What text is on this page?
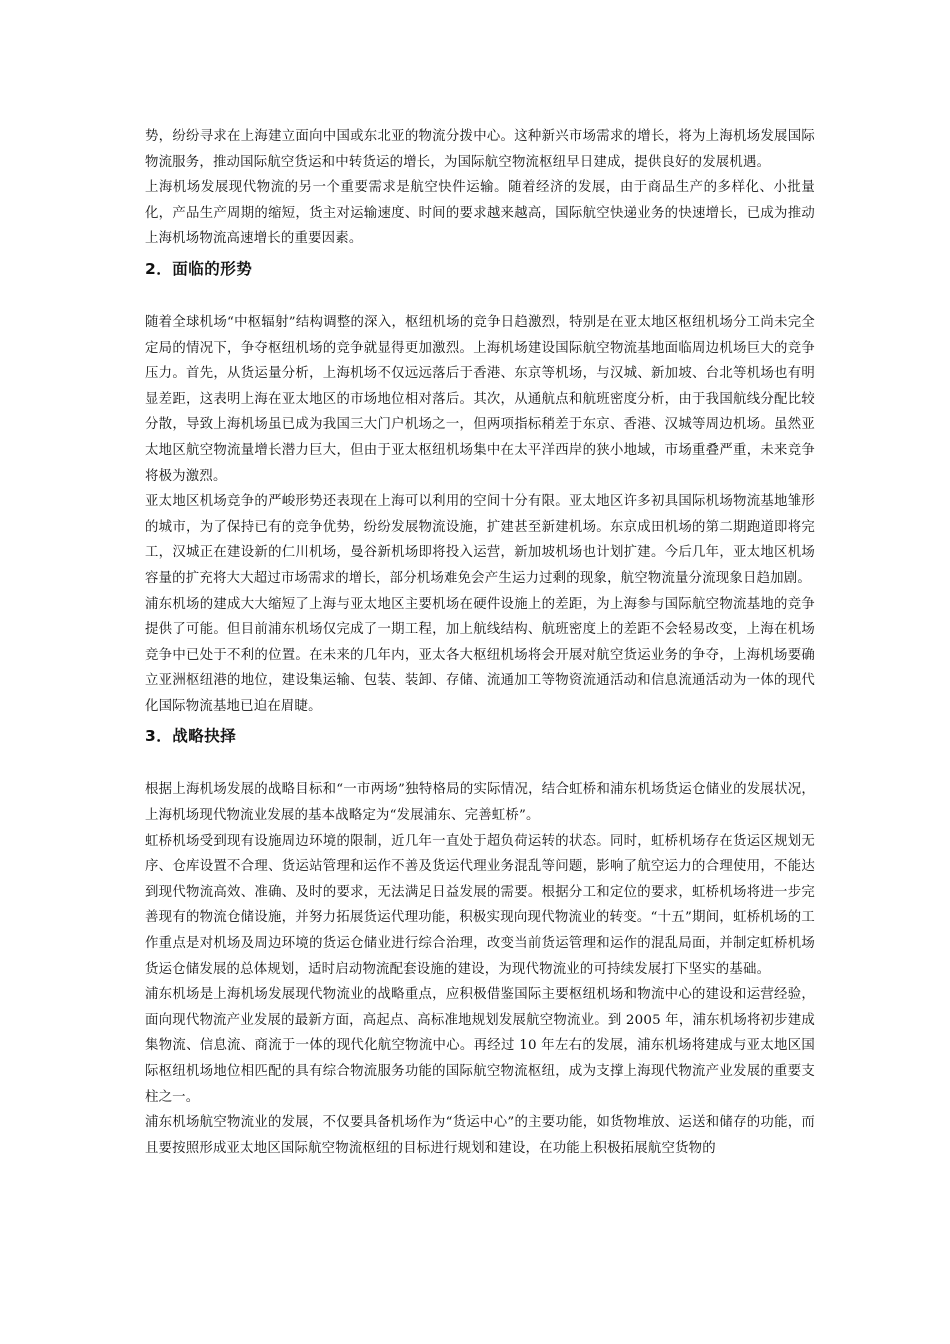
势，纷纷寻求在上海建立面向中国或东北亚的物流分拨中心。这种新兴市场需求的增长，将为上海机场发展国际物流服务，推动国际航空货运和中转货运的增长，为国际航空物流枢纽早日建成，提供良好的发展机遇。

上海机场发展现代物流的另一个重要需求是航空快件运输。随着经济的发展，由于商品生产的多样化、小批量化，产品生产周期的缩短，货主对运输速度、时间的要求越来越高，国际航空快递业务的快速增长，已成为推动上海机场物流高速增长的重要因素。

2．面临的形势

随着全球机场“中枢辐射”结构调整的深入，枢纽机场的竞争日趋激烈，特别是在亚太地区枢纽机场分工尚未完全定局的情况下，争夺枢纽机场的竞争就显得更加激烈。上海机场建设国际航空物流基地面临周边机场巨大的竞争压力。首先，从货运量分析，上海机场不仅远远落后于香港、东京等机场，与汉城、新加坡、台北等机场也有明显差距，这表明上海在亚太地区的市场地位相对落后。其次，从通航点和航班密度分析，由于我国航线分配比较分散，导致上海机场虽已成为我国三大门户机场之一，但两项指标稍差于东京、香港、汉城等周边机场。虽然亚太地区航空物流量增长潜力巨大，但由于亚太枢纽机场集中在太平洋西岸的狭小地域，市场重叠严重，未来竞争将极为激烈。

亚太地区机场竞争的严峻形势还表现在上海可以利用的空间十分有限。亚太地区许多初具国际机场物流基地雏形的城市，为了保持已有的竞争优势，纷纷发展物流设施，扩建甚至新建机场。东京成田机场的第二期跑道即将完工，汉城正在建设新的仁川机场，曼谷新机场即将投入运营，新加坡机场也计划扩建。今后几年，亚太地区机场容量的扩充将大大超过市场需求的增长，部分机场难免会产生运力过剩的现象，航空物流量分流现象日趋加剧。

浦东机场的建成大大缩短了上海与亚太地区主要机场在硬件设施上的差距，为上海参与国际航空物流基地的竞争提供了可能。但目前浦东机场仅完成了一期工程，加上航线结构、航班密度上的差距不会轻易改变，上海在机场竞争中已处于不利的位置。在未来的几年内，亚太各大枢纽机场将会开展对航空货运业务的争夺，上海机场要确立亚洲枢纽港的地位，建设集运输、包装、装卸、存储、流通加工等物资流通活动和信息流通活动为一体的现代化国际物流基地已迫在眉睫。

3．战略抉择

根据上海机场发展的战略目标和“一市两场”独特格局的实际情况，结合虹桥和浦东机场货运仓储业的发展状况，上海机场现代物流业发展的基本战略定为“发展浦东、完善虹桥”。

虹桥机场受到现有设施周边环境的限制，近几年一直处于超负荷运转的状态。同时，虹桥机场存在货运区规划无序、仓库设置不合理、货运站管理和运作不善及货运代理业务混乱等问题，影响了航空运力的合理使用，不能达到现代物流高效、准确、及时的要求，无法满足日益发展的需要。根据分工和定位的要求，虹桥机场将进一步完善现有的物流仓储设施，并努力拓展货运代理功能，积极实现向现代物流业的转变。“十五”期间，虹桥机场的工作重点是对机场及周边环境的货运仓储业进行综合治理，改变当前货运管理和运作的混乱局面，并制定虹桥机场货运仓储发展的总体规划，适时启动物流配套设施的建设，为现代物流业的可持续发展打下坚实的基础。

浦东机场是上海机场发展现代物流业的战略重点，应积极借鉴国际主要枢纽机场和物流中心的建设和运营经验，面向现代物流产业发展的最新方面，高起点、高标准地规划发展航空物流业。到 2005 年，浦东机场将初步建成集物流、信息流、商流于一体的现代化航空物流中心。再经过 10 年左右的发展，浦东机场将建成与亚太地区国际枢纽机场地位相匹配的具有综合物流服务功能的国际航空物流枢纽，成为支撑上海现代物流产业发展的重要支柱之一。

浦东机场航空物流业的发展，不仅要具备机场作为“货运中心”的主要功能，如货物堆放、运送和储存的功能，而且要按照形成亚太地区国际航空物流枢纽的目标进行规划和建设，在功能上积极拓展航空货物的
